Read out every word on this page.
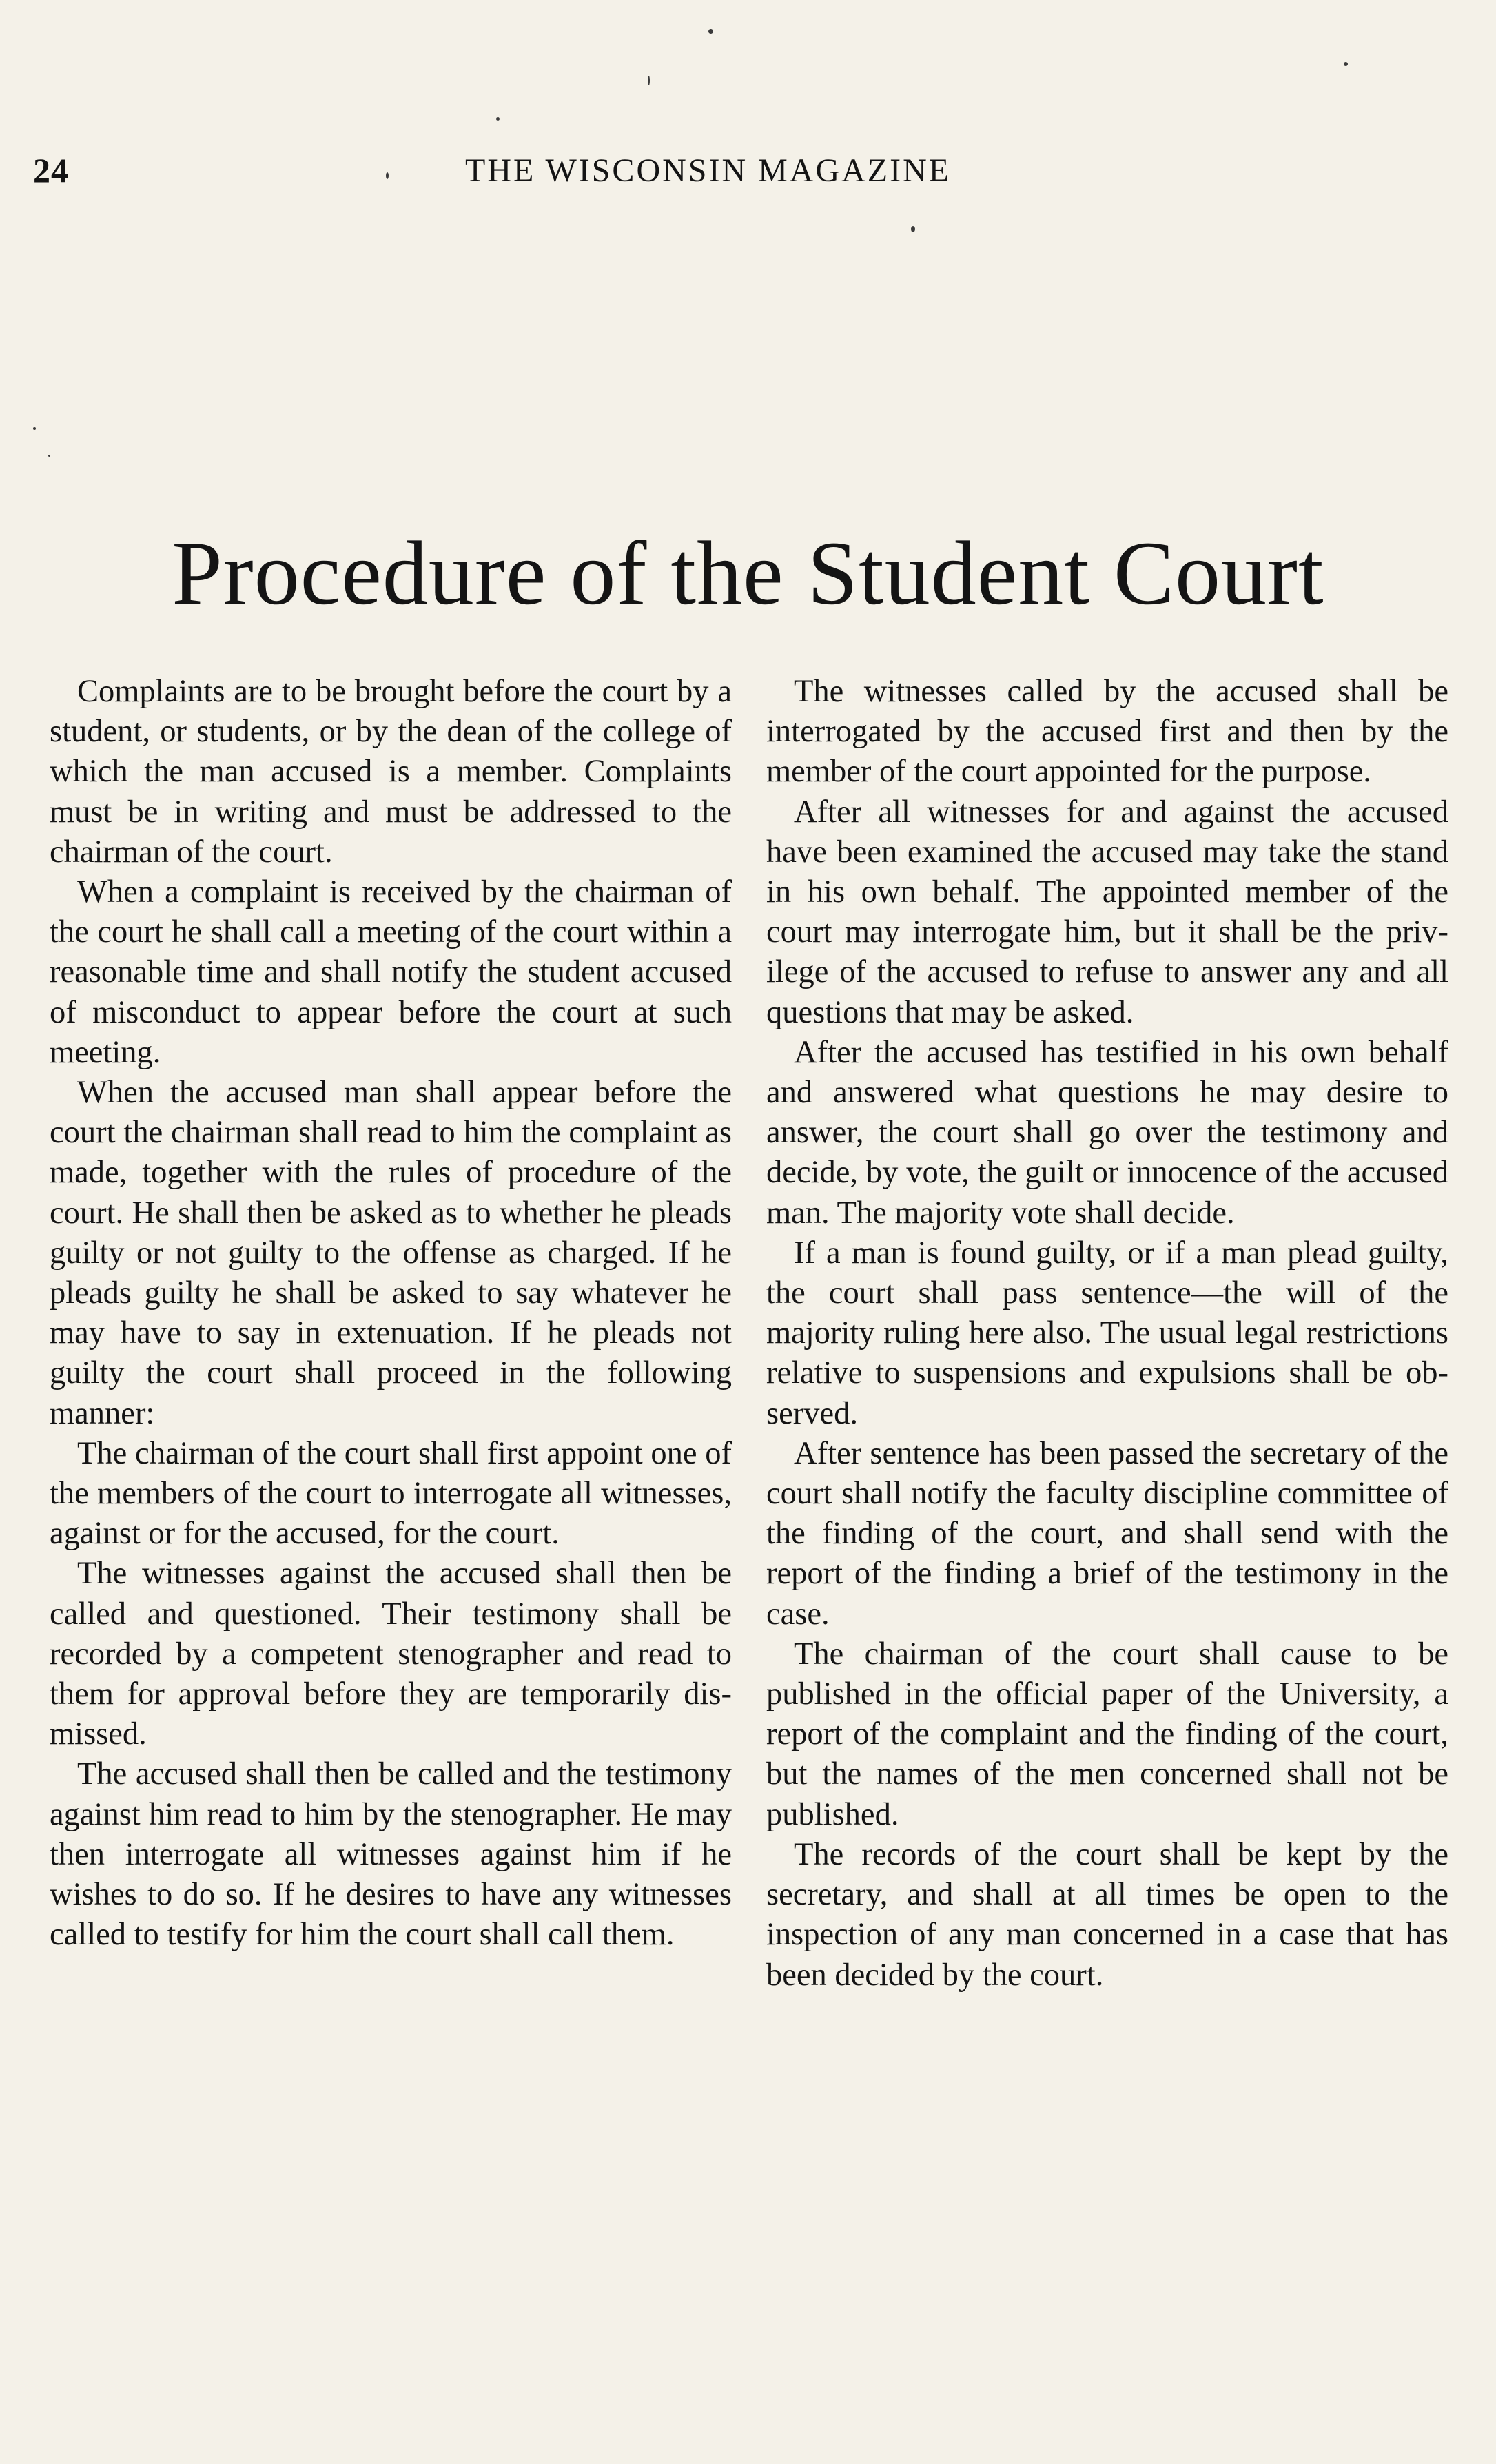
24	THE WISCONSIN MAGAZINE
Procedure of the Student Court

Complaints are to be brought before the court by a student, or students, or by the dean of the college of which the man accused is a member. Complaints must be in writing and must be addressed to the chairman of the court.

When a complaint is received by the chairman of the court he shall call a meeting of the court within a reasonable time and shall notify the student accused of misconduct to appear before the court at such meeting.

When the accused man shall appear before the court the chairman shall read to him the complaint as made, together with the rules of procedure of the court. He shall then be asked as to whether he pleads guilty or not guilty to the offense as charged. If he pleads guilty he shall be asked to say whatever he may have to say in extenuation. If he pleads not guilty the court shall proceed in the following manner:

The chairman of the court shall first appoint one of the members of the court to interrogate all witnesses, against or for the accused, for the court.

The witnesses against the accused shall then be called and questioned. Their testimony shall be recorded by a competent stenographer and read to them for approval before they are temporarily dismissed.

The accused shall then be called and the testimony against him read to him by the stenographer. He may then interrogate all witnesses against him if he wishes to do so. If he desires to have any witnesses called to testify for him the court shall call them.

The witnesses called by the accused shall be interrogated by the accused first and then by the member of the court appointed for the purpose.

After all witnesses for and against the accused have been examined the accused may take the stand in his own behalf. The appointed member of the court may interrogate him, but it shall be the privilege of the accused to refuse to answer any and all questions that may be asked.

After the accused has testified in his own behalf and answered what questions he may desire to answer, the court shall go over the testimony and decide, by vote, the guilt or innocence of the accused man. The majority vote shall decide.

If a man is found guilty, or if a man plead guilty, the court shall pass sentence—the will of the majority ruling here also. The usual legal restrictions relative to suspensions and expulsions shall be observed.

After sentence has been passed the secretary of the court shall notify the faculty discipline committee of the finding of the court, and shall send with the report of the finding a brief of the testimony in the case.

The chairman of the court shall cause to be published in the official paper of the University, a report of the complaint and the finding of the court, but the names of the men concerned shall not be published.

The records of the court shall be kept by the secretary, and shall at all times be open to the inspection of any man concerned in a case that has been decided by the court.
